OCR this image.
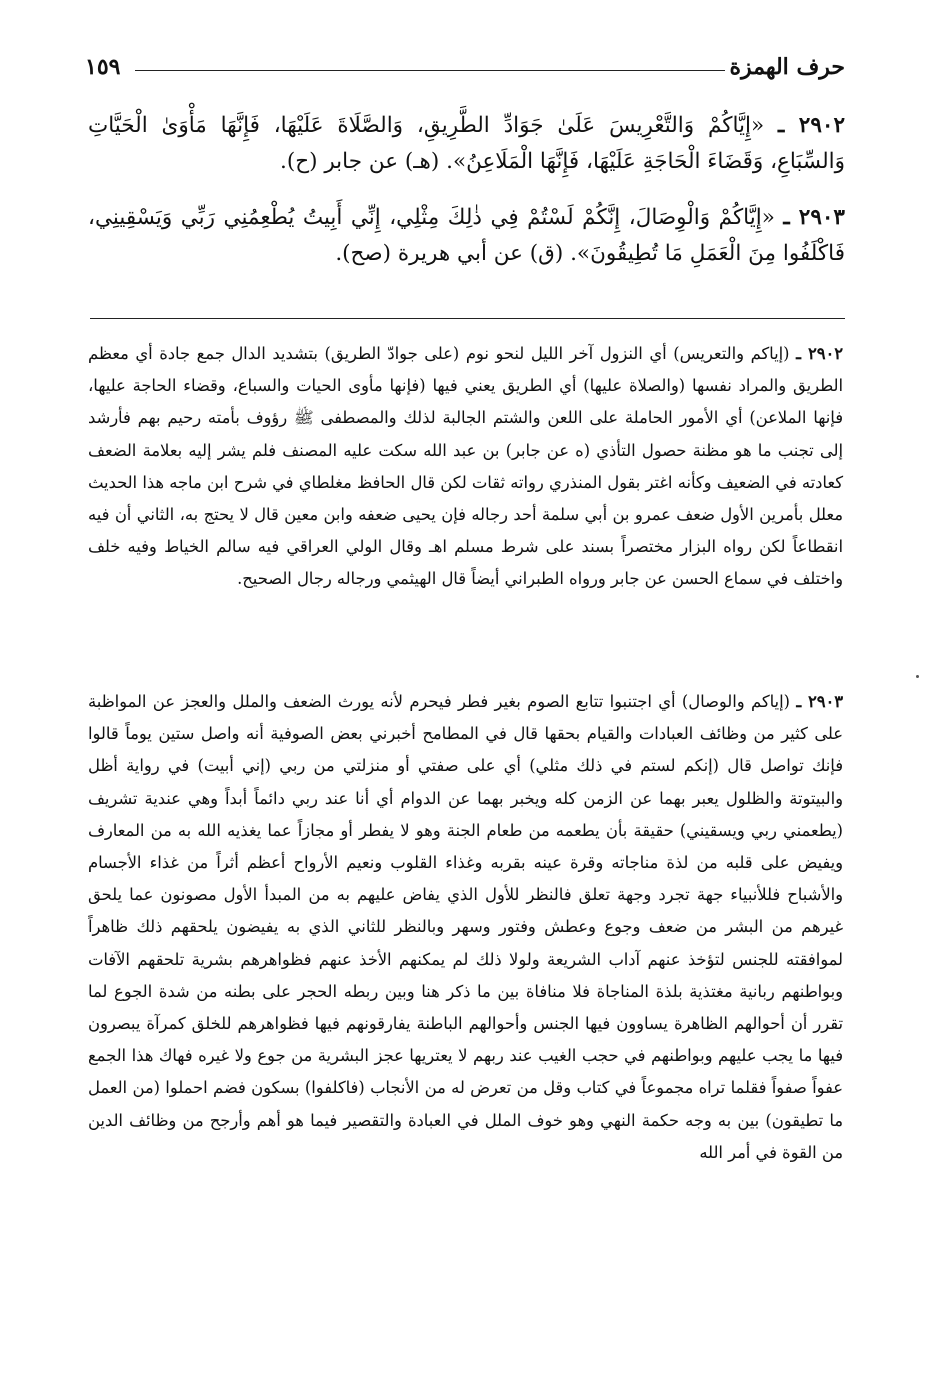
١٥٩	حرف الهمزة
٢٩٠٢ ـ «إِيَّاكُمْ وَالتَّعْرِيسَ عَلَىٰ جَوَادِّ الطَّرِيقِ، وَالصَّلَاةَ عَلَيْهَا، فَإِنَّهَا مَأْوَىٰ الْحَيَّاتِ وَالسِّبَاعِ، وَقَضَاءَ الْحَاجَةِ عَلَيْهَا، فَإِنَّهَا الْمَلَاعِنُ». (هـ) عن جابر (ح).
٢٩٠٣ ـ «إِيَّاكُمْ وَالْوِصَالَ، إِنَّكُمْ لَسْتُمْ فِي ذٰلِكَ مِثْلِي، إِنِّي أَبِيتُ يُطْعِمُنِي رَبِّي وَيَسْقِينِي، فَاكْلَفُوا مِنَ الْعَمَلِ مَا تُطِيقُونَ». (ق) عن أبي هريرة (صح).
٢٩٠٢ ـ (إياكم والتعريس) أي النزول آخر الليل لنحو نوم (على جوادّ الطريق) بتشديد الدال جمع جادة أي معظم الطريق والمراد نفسها (والصلاة عليها) أي الطريق يعني فيها (فإنها مأوى الحيات والسباع، وقضاء الحاجة عليها، فإنها الملاعن) أي الأمور الحاملة على اللعن والشتم الجالبة لذلك والمصطفى ﷺ رؤوف بأمته رحيم بهم فأرشد إلى تجنب ما هو مظنة حصول التأذي (ه عن جابر) بن عبد الله سكت عليه المصنف فلم يشر إليه بعلامة الضعف كعادته في الضعيف وكأنه اغتر بقول المنذري رواته ثقات لكن قال الحافظ مغلطاي في شرح ابن ماجه هذا الحديث معلل بأمرين الأول ضعف عمرو بن أبي سلمة أحد رجاله فإن يحيى ضعفه وابن معين قال لا يحتج به، الثاني أن فيه انقطاعاً لكن رواه البزار مختصراً بسند على شرط مسلم اهـ وقال الولي العراقي فيه سالم الخياط وفيه خلف واختلف في سماع الحسن عن جابر ورواه الطبراني أيضاً قال الهيثمي ورجاله رجال الصحيح.
٢٩٠٣ ـ (إياكم والوصال) أي اجتنبوا تتابع الصوم بغير فطر فيحرم لأنه يورث الضعف والملل والعجز عن المواظبة على كثير من وظائف العبادات والقيام بحقها قال في المطامح أخبرني بعض الصوفية أنه واصل ستين يوماً قالوا فإنك تواصل قال (إنكم لستم في ذلك مثلي) أي على صفتي أو منزلتي من ربي (إني أبيت) في رواية أظل والبيتوتة والظلول يعبر بهما عن الزمن كله ويخبر بهما عن الدوام أي أنا عند ربي دائماً أبداً وهي عندية تشريف (يطعمني ربي ويسقيني) حقيقة بأن يطعمه من طعام الجنة وهو لا يفطر أو مجازاً عما يغذيه الله به من المعارف ويفيض على قلبه من لذة مناجاته وقرة عينه بقربه وغذاء القلوب ونعيم الأرواح أعظم أثراً من غذاء الأجسام والأشباح فللأنبياء جهة تجرد وجهة تعلق فالنظر للأول الذي يفاض عليهم به من المبدأ الأول مصونون عما يلحق غيرهم من البشر من ضعف وجوع وعطش وفتور وسهر وبالنظر للثاني الذي به يفيضون يلحقهم ذلك ظاهراً لموافقته للجنس لتؤخذ عنهم آداب الشريعة ولولا ذلك لم يمكنهم الأخذ عنهم فظواهرهم بشرية تلحقهم الآفات وبواطنهم ربانية مغتذية بلذة المناجاة فلا منافاة بين ما ذكر هنا وبين ربطه الحجر على بطنه من شدة الجوع لما تقرر أن أحوالهم الظاهرة يساوون فيها الجنس وأحوالهم الباطنة يفارقونهم فيها فظواهرهم للخلق كمرآة يبصرون فيها ما يجب عليهم وبواطنهم في حجب الغيب عند ربهم لا يعتريها عجز البشرية من جوع ولا غيره فهاك هذا الجمع عفواً صفواً فقلما تراه مجموعاً في كتاب وقل من تعرض له من الأنجاب (فاكلفوا) بسكون فضم احملوا (من العمل ما تطيقون) بين به وجه حكمة النهي وهو خوف الملل في العبادة والتقصير فيما هو أهم وأرجح من وظائف الدين من القوة في أمر الله
